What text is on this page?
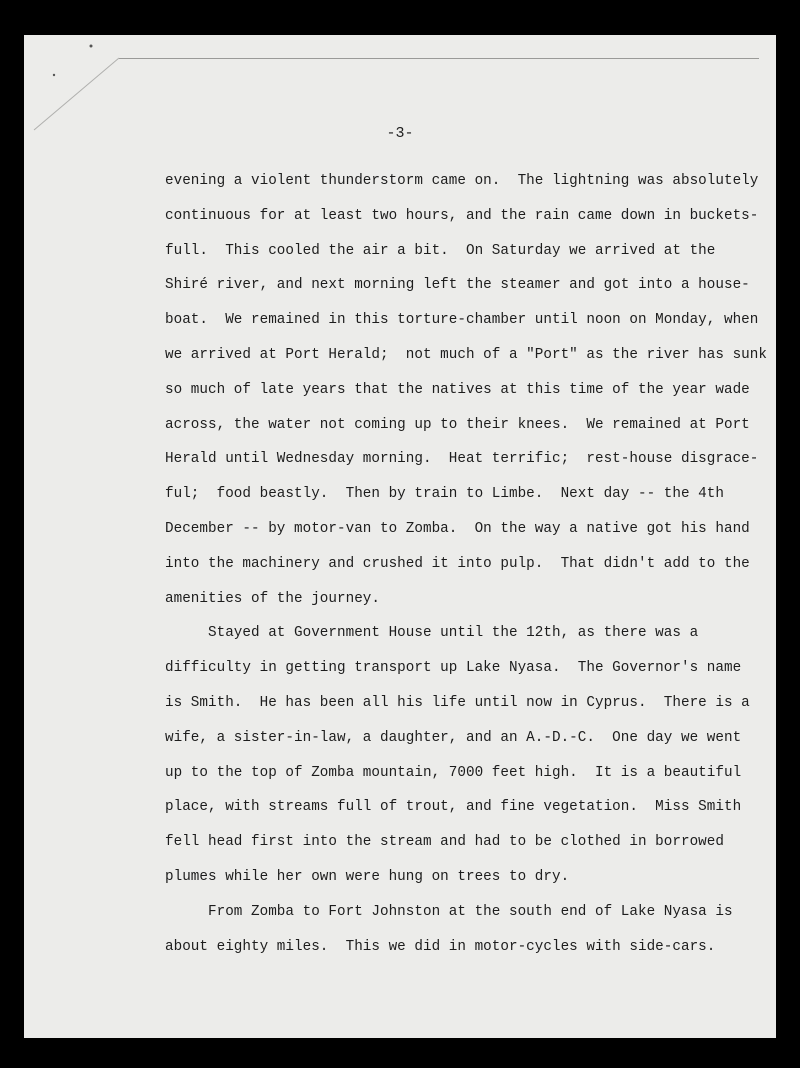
-3-
evening a violent thunderstorm came on.  The lightning was absolutely
continuous for at least two hours, and the rain came down in buckets-
full.  This cooled the air a bit.  On Saturday we arrived at the
Shiré river, and next morning left the steamer and got into a house-
boat.  We remained in this torture-chamber until noon on Monday, when
we arrived at Port Herald;  not much of a "Port" as the river has sunk
so much of late years that the natives at this time of the year wade
across, the water not coming up to their knees.  We remained at Port
Herald until Wednesday morning.  Heat terrific;  rest-house disgrace-
ful;  food beastly.  Then by train to Limbe.  Next day -- the 4th
December -- by motor-van to Zomba.  On the way a native got his hand
into the machinery and crushed it into pulp.  That didn't add to the
amenities of the journey.
Stayed at Government House until the 12th, as there was a
difficulty in getting transport up Lake Nyasa.  The Governor's name
is Smith.  He has been all his life until now in Cyprus.  There is a
wife, a sister-in-law, a daughter, and an A.-D.-C.  One day we went
up to the top of Zomba mountain, 7000 feet high.  It is a beautiful
place, with streams full of trout, and fine vegetation.  Miss Smith
fell head first into the stream and had to be clothed in borrowed
plumes while her own were hung on trees to dry.
From Zomba to Fort Johnston at the south end of Lake Nyasa is
about eighty miles.  This we did in motor-cycles with side-cars.
